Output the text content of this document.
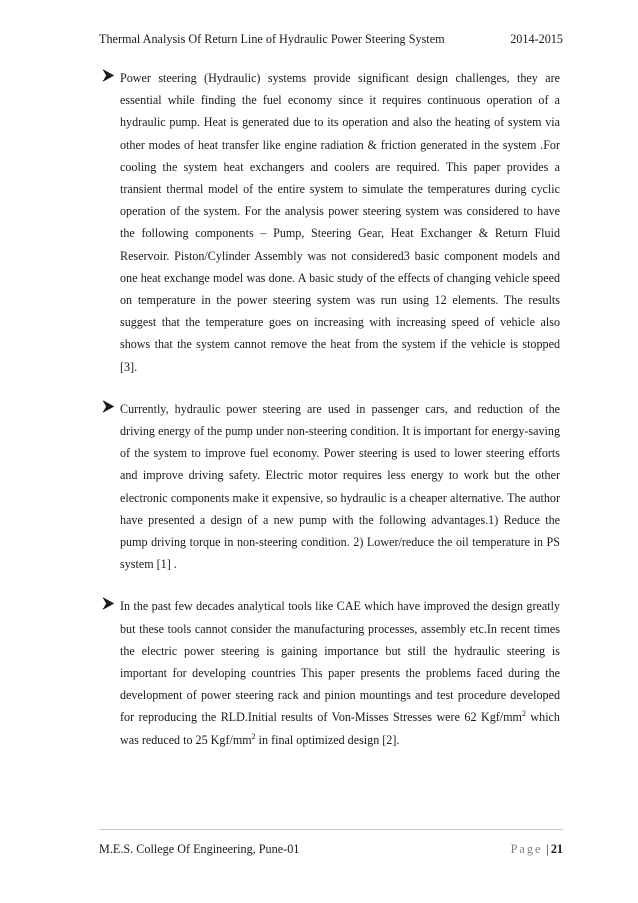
Thermal Analysis Of Return Line of Hydraulic Power Steering System	2014-2015

Power steering (Hydraulic) systems provide significant design challenges, they are essential while finding the fuel economy since it requires continuous operation of a hydraulic pump. Heat is generated due to its operation and also the heating of system via other modes of heat transfer like engine radiation & friction generated in the system .For cooling the system heat exchangers and coolers are required. This paper provides a transient thermal model of the entire system to simulate the temperatures during cyclic operation of the system. For the analysis power steering system was considered to have the following components – Pump, Steering Gear, Heat Exchanger & Return Fluid Reservoir. Piston/Cylinder Assembly was not considered3 basic component models and one heat exchange model was done. A basic study of the effects of changing vehicle speed on temperature in the power steering system was run using 12 elements. The results suggest that the temperature goes on increasing with increasing speed of vehicle also shows that the system cannot remove the heat from the system if the vehicle is stopped [3].

Currently, hydraulic power steering are used in passenger cars, and reduction of the driving energy of the pump under non-steering condition. It is important for energy-saving of the system to improve fuel economy. Power steering is used to lower steering efforts and improve driving safety. Electric motor requires less energy to work but the other electronic components make it expensive, so hydraulic is a cheaper alternative. The author have presented a design of a new pump with the following advantages.1) Reduce the pump driving torque in non-steering condition. 2) Lower/reduce the oil temperature in PS system [1] .

In the past few decades analytical tools like CAE which have improved the design greatly but these tools cannot consider the manufacturing processes, assembly etc.In recent times the electric power steering is gaining importance but still the hydraulic steering is important for developing countries This paper presents the problems faced during the development of power steering rack and pinion mountings and test procedure developed for reproducing the RLD.Initial results of Von-Misses Stresses were 62 Kgf/$mm^2$ which was reduced to 25 Kgf/$mm^2$ in final optimized design [2].

M.E.S. College Of Engineering, Pune-01	Page | 21
